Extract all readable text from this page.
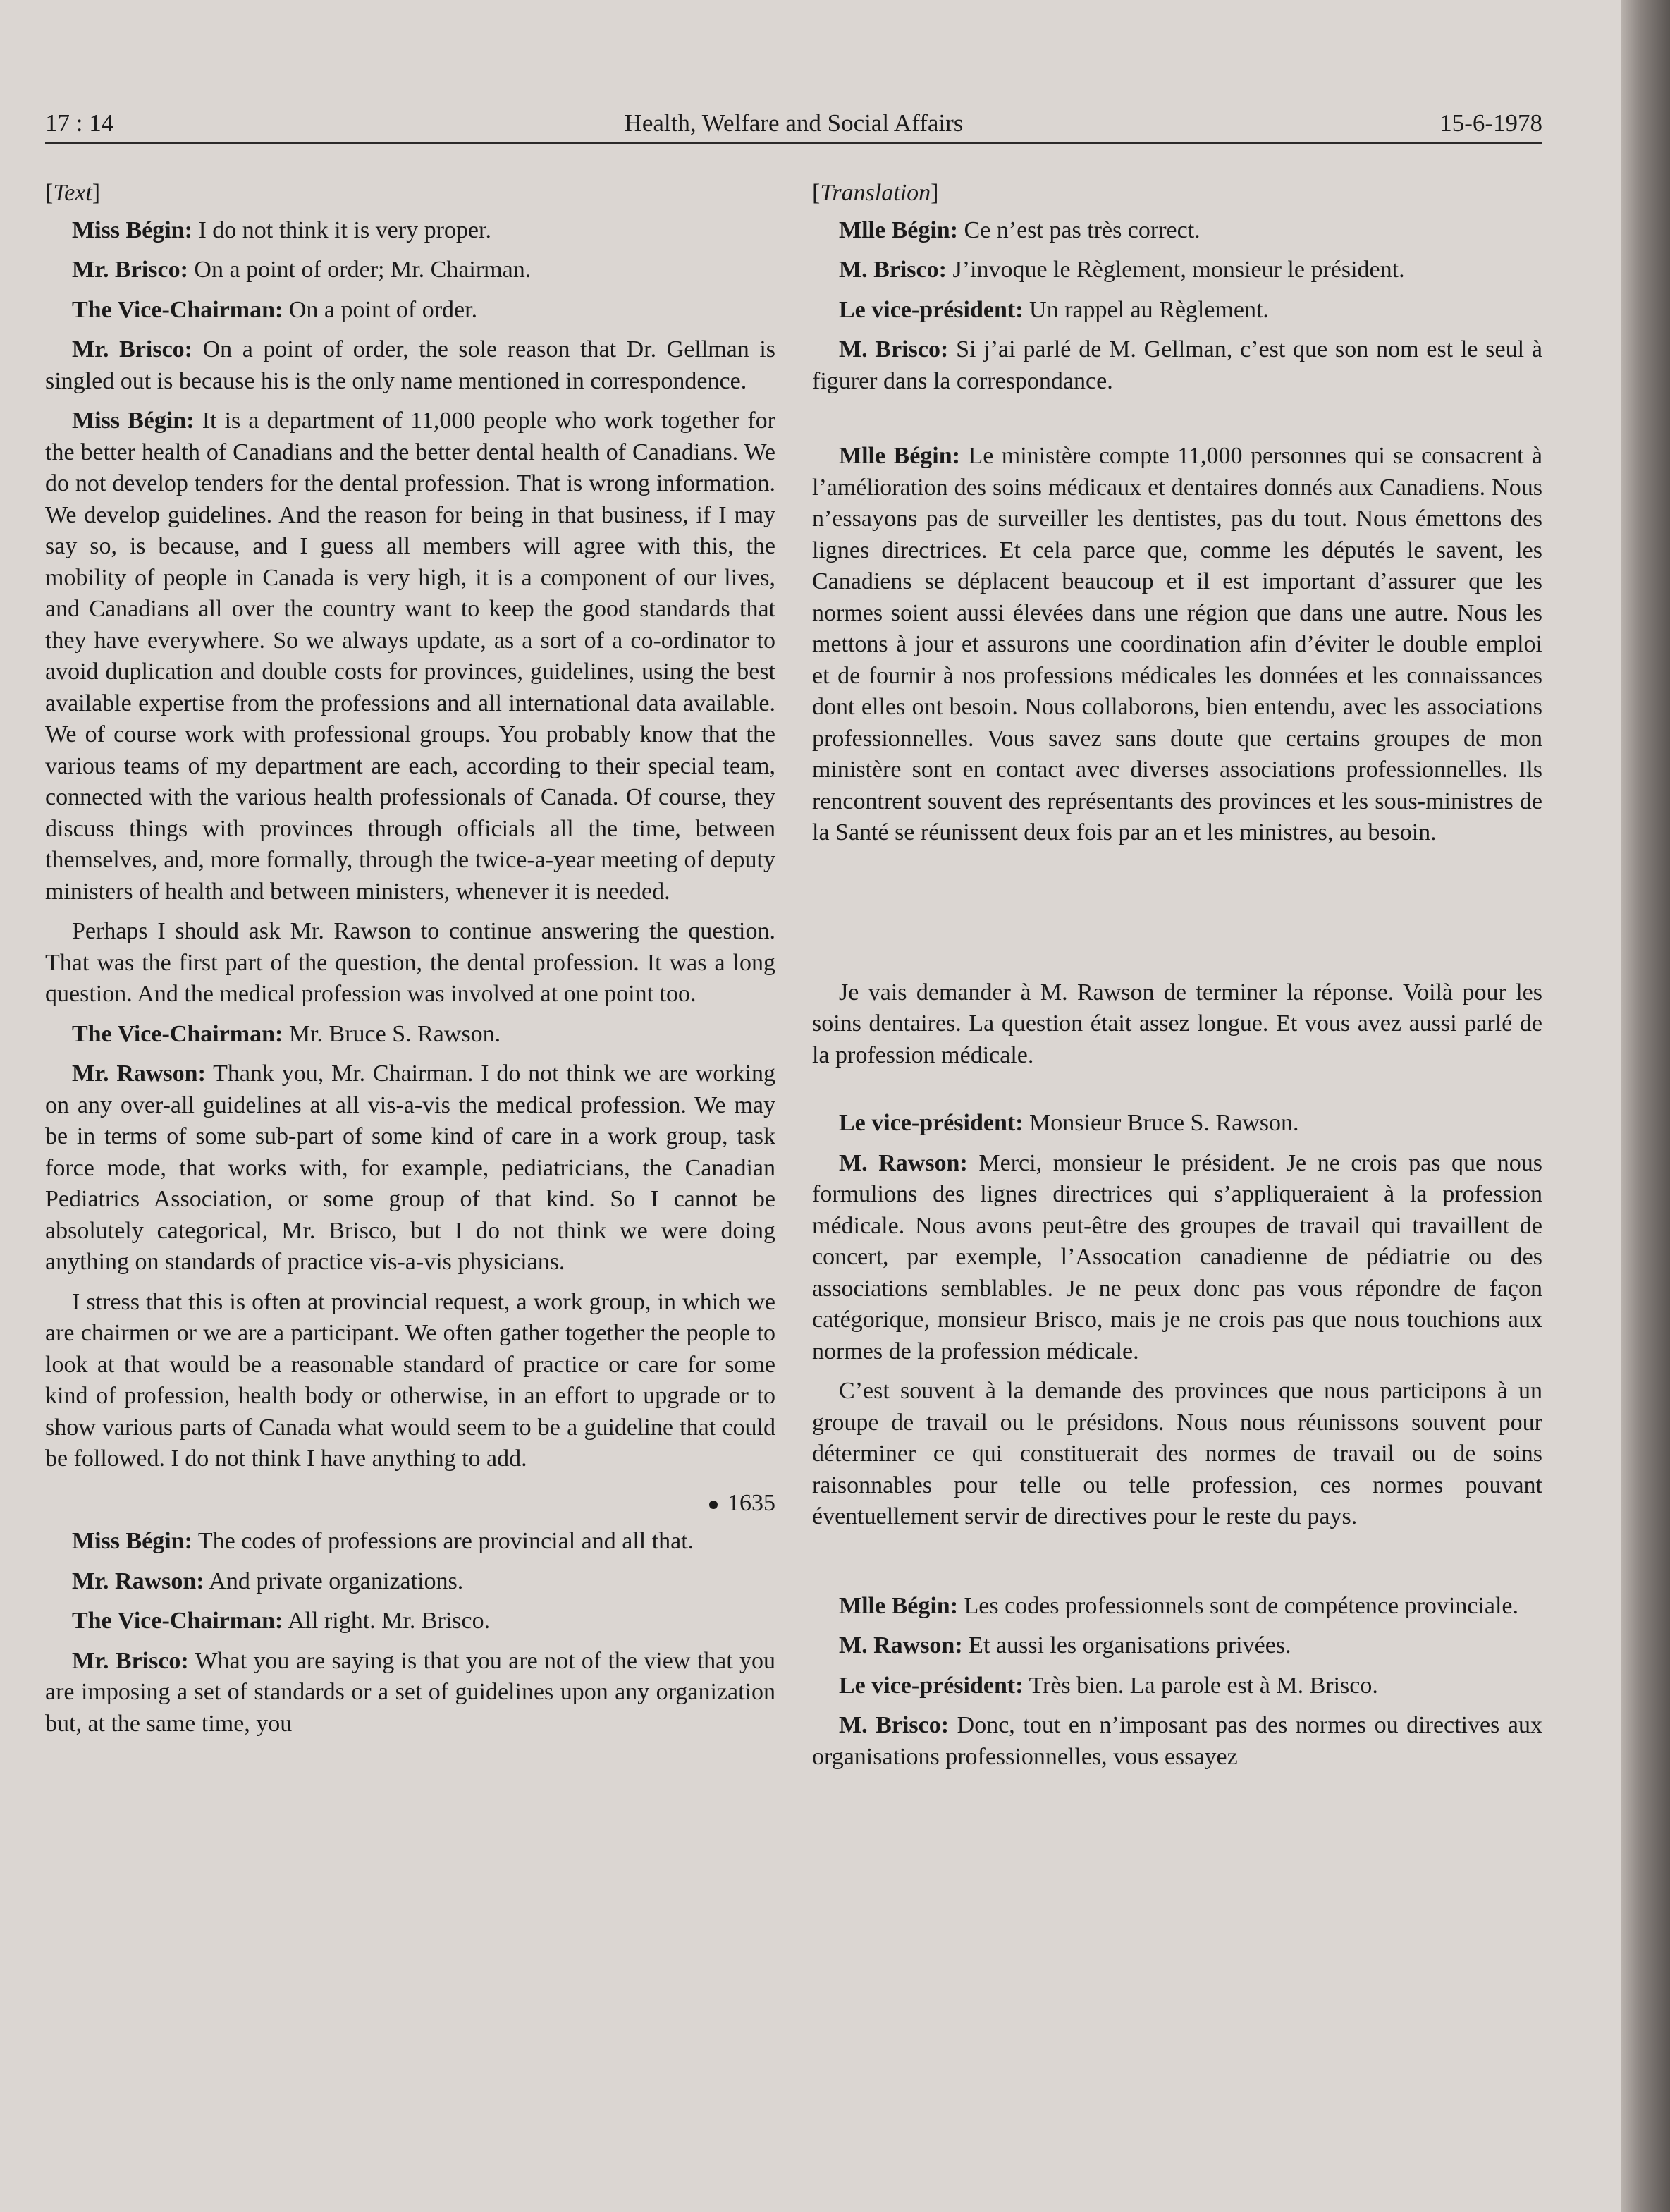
17 : 14	Health, Welfare and Social Affairs	15-6-1978

[Text]

Miss Bégin: I do not think it is very proper.

Mr. Brisco: On a point of order; Mr. Chairman.

The Vice-Chairman: On a point of order.

Mr. Brisco: On a point of order, the sole reason that Dr. Gellman is singled out is because his is the only name mentioned in correspondence.

Miss Bégin: It is a department of 11,000 people who work together for the better health of Canadians and the better dental health of Canadians. We do not develop tenders for the dental profession. That is wrong information. We develop guidelines. And the reason for being in that business, if I may say so, is because, and I guess all members will agree with this, the mobility of people in Canada is very high, it is a component of our lives, and Canadians all over the country want to keep the good standards that they have everywhere. So we always update, as a sort of a co-ordinator to avoid duplication and double costs for provinces, guidelines, using the best available expertise from the professions and all international data available. We of course work with professional groups. You probably know that the various teams of my department are each, according to their special team, connected with the various health professionals of Canada. Of course, they discuss things with provinces through officials all the time, between themselves, and, more formally, through the twice-a-year meeting of deputy ministers of health and between ministers, whenever it is needed.

Perhaps I should ask Mr. Rawson to continue answering the question. That was the first part of the question, the dental profession. It was a long question. And the medical profession was involved at one point too.

The Vice-Chairman: Mr. Bruce S. Rawson.

Mr. Rawson: Thank you, Mr. Chairman. I do not think we are working on any over-all guidelines at all vis-a-vis the medical profession. We may be in terms of some sub-part of some kind of care in a work group, task force mode, that works with, for example, pediatricians, the Canadian Pediatrics Association, or some group of that kind. So I cannot be absolutely categorical, Mr. Brisco, but I do not think we were doing anything on standards of practice vis-a-vis physicians.

I stress that this is often at provincial request, a work group, in which we are chairmen or we are a participant. We often gather together the people to look at that would be a reasonable standard of practice or care for some kind of profession, health body or otherwise, in an effort to upgrade or to show various parts of Canada what would seem to be a guideline that could be followed. I do not think I have anything to add.

1635

Miss Bégin: The codes of professions are provincial and all that.

Mr. Rawson: And private organizations.

The Vice-Chairman: All right. Mr. Brisco.

Mr. Brisco: What you are saying is that you are not of the view that you are imposing a set of standards or a set of guidelines upon any organization but, at the same time, you

[Translation]

Mlle Bégin: Ce n’est pas très correct.

M. Brisco: J’invoque le Règlement, monsieur le président.

Le vice-président: Un rappel au Règlement.

M. Brisco: Si j’ai parlé de M. Gellman, c’est que son nom est le seul à figurer dans la correspondance.

Mlle Bégin: Le ministère compte 11,000 personnes qui se consacrent à l’amélioration des soins médicaux et dentaires donnés aux Canadiens. Nous n’essayons pas de surveiller les dentistes, pas du tout. Nous émettons des lignes directrices. Et cela parce que, comme les députés le savent, les Canadiens se déplacent beaucoup et il est important d’assurer que les normes soient aussi élevées dans une région que dans une autre. Nous les mettons à jour et assurons une coordination afin d’éviter le double emploi et de fournir à nos professions médicales les données et les connaissances dont elles ont besoin. Nous collaborons, bien entendu, avec les associations professionnelles. Vous savez sans doute que certains groupes de mon ministère sont en contact avec diverses associations professionnelles. Ils rencontrent souvent des représentants des provinces et les sous-ministres de la Santé se réunissent deux fois par an et les ministres, au besoin.

Je vais demander à M. Rawson de terminer la réponse. Voilà pour les soins dentaires. La question était assez longue. Et vous avez aussi parlé de la profession médicale.

Le vice-président: Monsieur Bruce S. Rawson.

M. Rawson: Merci, monsieur le président. Je ne crois pas que nous formulions des lignes directrices qui s’appliqueraient à la profession médicale. Nous avons peut-être des groupes de travail qui travaillent de concert, par exemple, l’Assocation canadienne de pédiatrie ou des associations semblables. Je ne peux donc pas vous répondre de façon catégorique, monsieur Brisco, mais je ne crois pas que nous touchions aux normes de la profession médicale.

C’est souvent à la demande des provinces que nous participons à un groupe de travail ou le présidons. Nous nous réunissons souvent pour déterminer ce qui constituerait des normes de travail ou de soins raisonnables pour telle ou telle profession, ces normes pouvant éventuellement servir de directives pour le reste du pays.

Mlle Bégin: Les codes professionnels sont de compétence provinciale.

M. Rawson: Et aussi les organisations privées.

Le vice-président: Très bien. La parole est à M. Brisco.

M. Brisco: Donc, tout en n’imposant pas des normes ou directives aux organisations professionnelles, vous essayez
